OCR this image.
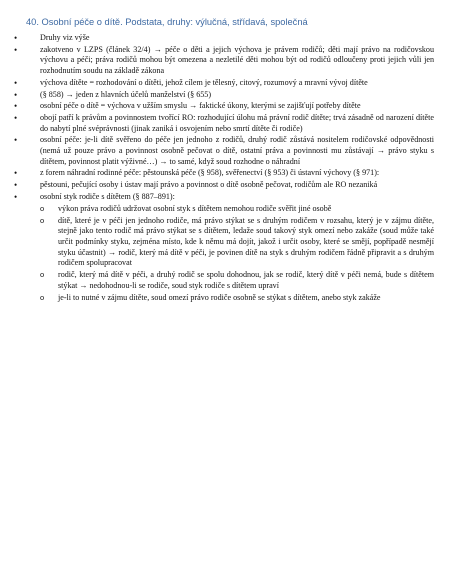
40. Osobní péče o dítě. Podstata, druhy: výlučná, střídavá, společná
• Druhy viz výše
• zakotveno v LZPS (článek 32/4) → péče o děti a jejich výchova je právem rodičů; děti mají právo na rodičovskou výchovu a péči; práva rodičů mohou být omezena a nezletilé děti mohou být od rodičů odloučeny proti jejich vůli jen rozhodnutím soudu na základě zákona
• výchova dítěte = rozhodování o dítěti, jehož cílem je tělesný, citový, rozumový a mravní vývoj dítěte
• (§ 858) → jeden z hlavních účelů manželství (§ 655)
• osobní péče o dítě = výchova v užším smyslu → faktické úkony, kterými se zajišťují potřeby dítěte
• obojí patří k právům a povinnostem tvořící RO: rozhodující úlohu má právní rodič dítěte; trvá zásadně od narození dítěte do nabytí plné svéprávnosti (jinak zaniká i osvojením nebo smrtí dítěte či rodiče)
• osobní péče: je-li dítě svěřeno do péče jen jednoho z rodičů, druhý rodič zůstává nositelem rodičovské odpovědnosti (nemá už pouze právo a povinnost osobně pečovat o dítě, ostatní práva a povinnosti mu zůstávají → právo styku s dítětem, povinnost platit výživné…) → to samé, když soud rozhodne o náhradní
• z forem náhradní rodinné péče: pěstounská péče (§ 958), svěřenectví (§ 953) či ústavní výchovy (§ 971):
• pěstouni, pečující osoby i ústav mají právo a povinnost o dítě osobně pečovat, rodičům ale RO nezaniká
• osobní styk rodiče s dítětem (§ 887–891):
o výkon práva rodičů udržovat osobní styk s dítětem nemohou rodiče svěřit jiné osobě
o dítě, které je v péči jen jednoho rodiče, má právo stýkat se s druhým rodičem v rozsahu, který je v zájmu dítěte, stejně jako tento rodič má právo stýkat se s dítětem, ledaže soud takový styk omezí nebo zakáže (soud může také určit podmínky styku, zejména místo, kde k němu má dojít, jakož i určit osoby, které se smějí, popřípadě nesmějí styku účastnit) → rodič, který má dítě v péči, je povinen dítě na styk s druhým rodičem řádně připravit a s druhým rodičem spolupracovat
o rodič, který má dítě v péči, a druhý rodič se spolu dohodnou, jak se rodič, který dítě v péči nemá, bude s dítětem stýkat → nedohodnou-li se rodiče, soud styk rodiče s dítětem upraví
o je-li to nutné v zájmu dítěte, soud omezí právo rodiče osobně se stýkat s dítětem, anebo styk zakáže
